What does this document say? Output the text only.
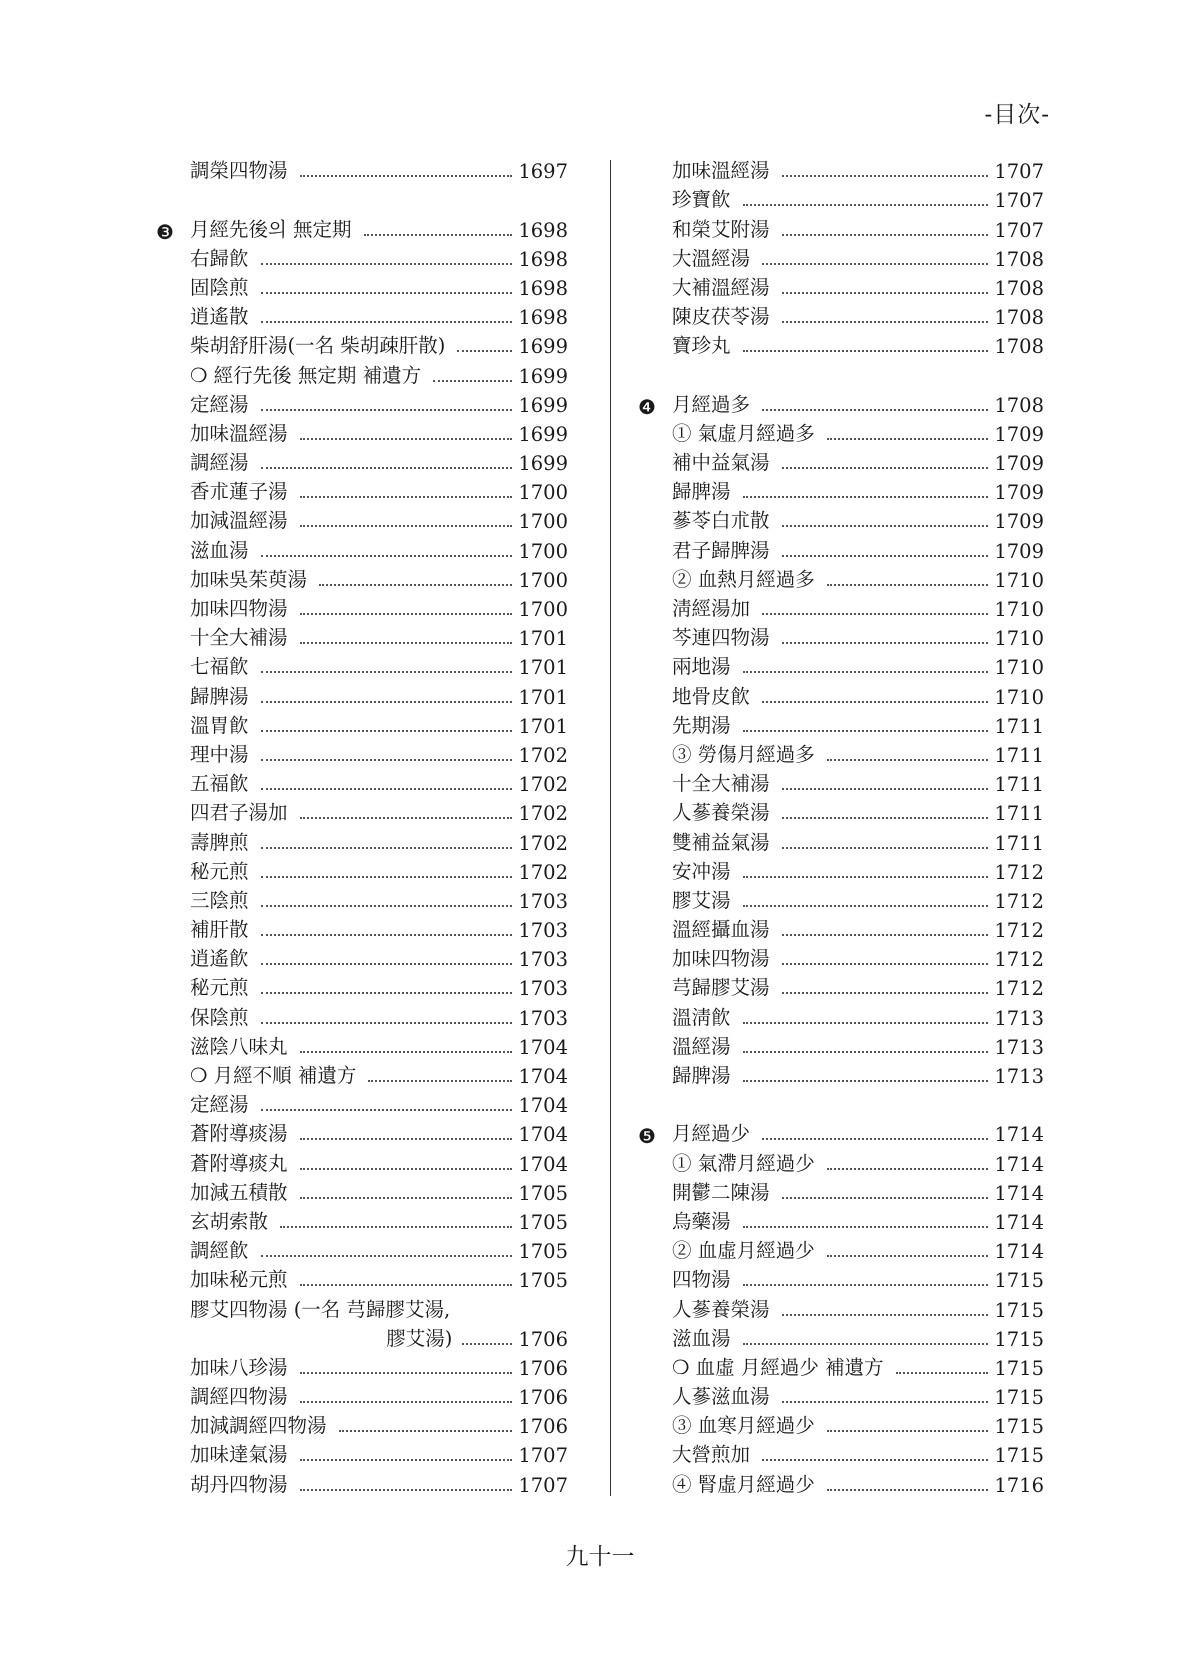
-目次-
調榮四物湯	1697
❸ 月經先後의 無定期	1698
右歸飮	1698
固陰煎	1698
逍遙散	1698
柴胡舒肝湯(一名 柴胡疎肝散)	1699
❍ 經行先後 無定期 補遺方	1699
定經湯	1699
加味溫經湯	1699
調經湯	1699
香朮蓮子湯	1700
加減溫經湯	1700
滋血湯	1700
加味吳茱萸湯	1700
加味四物湯	1700
十全大補湯	1701
七福飮	1701
歸脾湯	1701
溫胃飮	1701
理中湯	1702
五福飮	1702
四君子湯加	1702
壽脾煎	1702
秘元煎	1702
三陰煎	1703
補肝散	1703
逍遙飮	1703
秘元煎	1703
保陰煎	1703
滋陰八味丸	1704
❍ 月經不順 補遺方	1704
定經湯	1704
蒼附導痰湯	1704
蒼附導痰丸	1704
加減五積散	1705
玄胡索散	1705
調經飮	1705
加味秘元煎	1705
膠艾四物湯 (一名 芎歸膠艾湯,
膠艾湯)	1706
加味八珍湯	1706
調經四物湯	1706
加減調經四物湯	1706
加味達氣湯	1707
胡丹四物湯	1707
加味溫經湯	1707
珍寶飮	1707
和榮艾附湯	1707
大溫經湯	1708
大補溫經湯	1708
陳皮茯苓湯	1708
寶珍丸	1708
❹ 月經過多	1708
① 氣虛月經過多	1709
補中益氣湯	1709
歸脾湯	1709
蔘苓白朮散	1709
君子歸脾湯	1709
② 血熱月經過多	1710
淸經湯加	1710
芩連四物湯	1710
兩地湯	1710
地骨皮飮	1710
先期湯	1711
③ 勞傷月經過多	1711
十全大補湯	1711
人蔘養榮湯	1711
雙補益氣湯	1711
安冲湯	1712
膠艾湯	1712
溫經攝血湯	1712
加味四物湯	1712
芎歸膠艾湯	1712
溫淸飮	1713
溫經湯	1713
歸脾湯	1713
❺ 月經過少	1714
① 氣滯月經過少	1714
開鬱二陳湯	1714
烏藥湯	1714
② 血虛月經過少	1714
四物湯	1715
人蔘養榮湯	1715
滋血湯	1715
❍ 血虛 月經過少 補遺方	1715
人蔘滋血湯	1715
③ 血寒月經過少	1715
大營煎加	1715
④ 腎虛月經過少	1716
九十一
